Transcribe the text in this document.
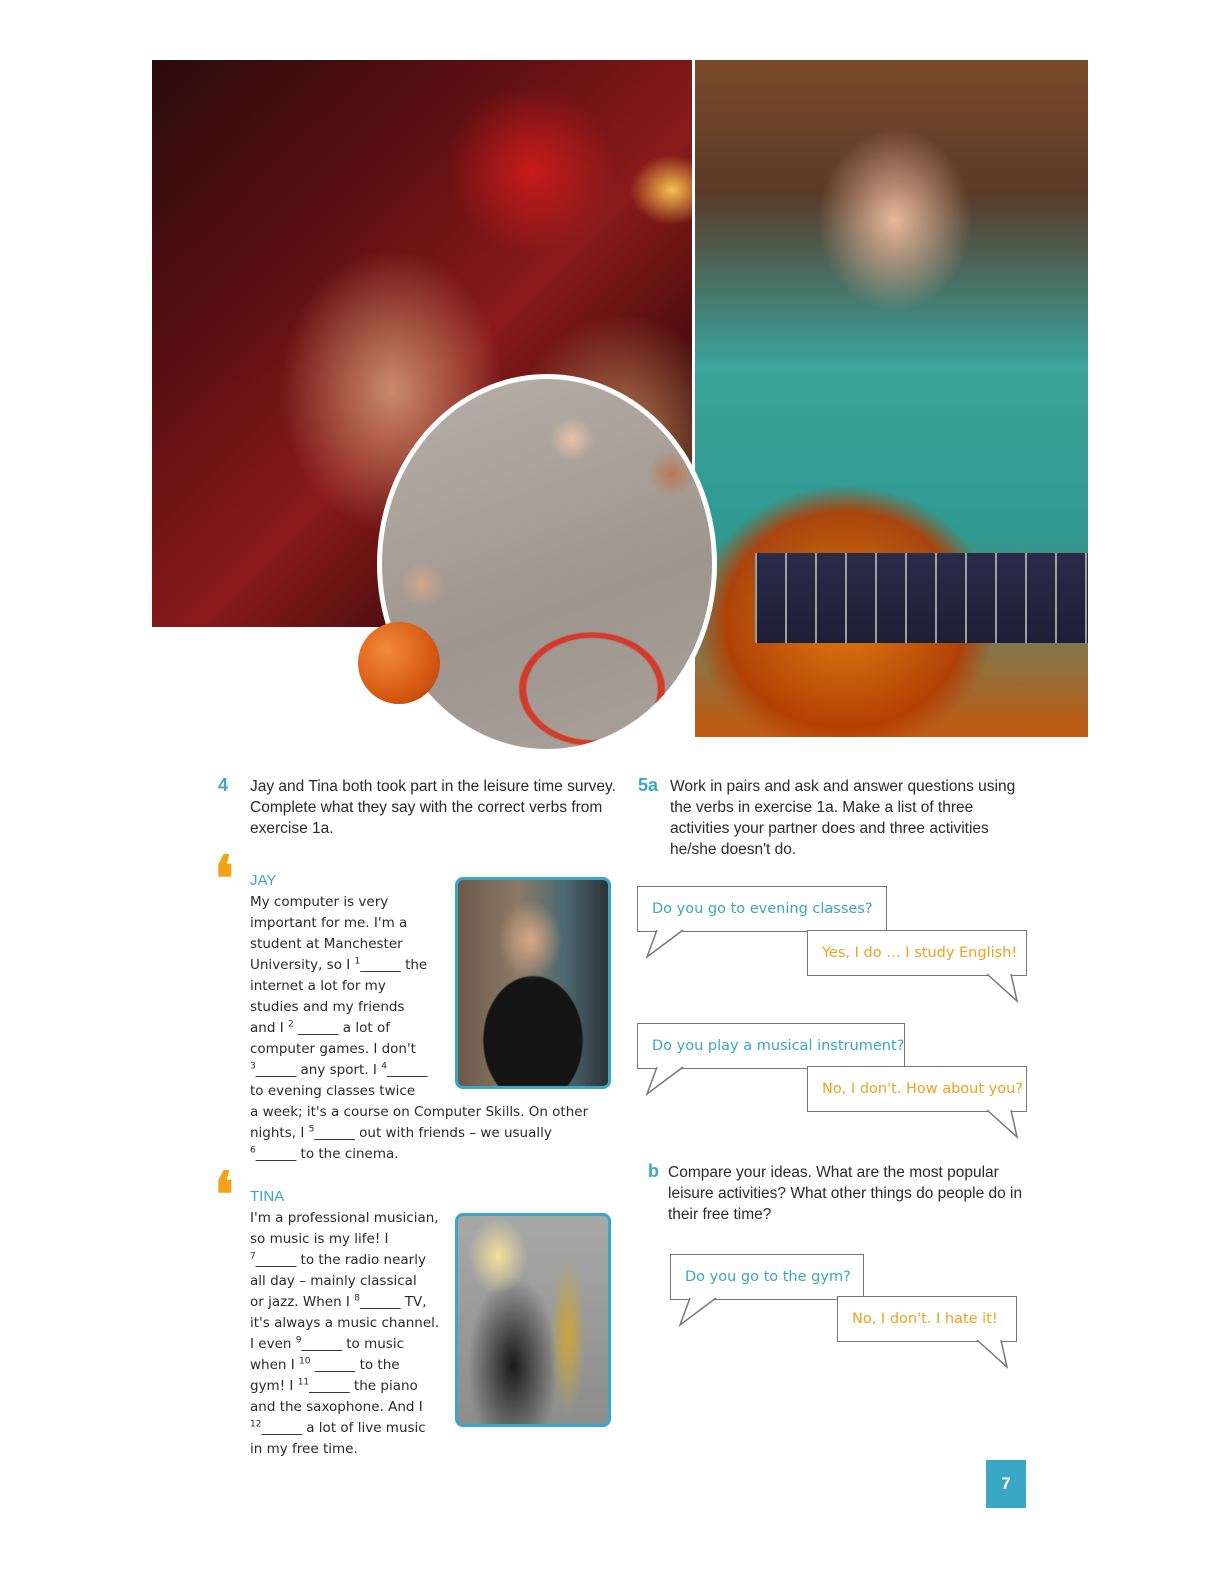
4 Jay and Tina both took part in the leisure time survey.
Complete what they say with the correct verbs from
exercise 1a.
❛ JAY
My computer is very
important for me. I'm a
student at Manchester
University, so I $^1$______ the
internet a lot for my
studies and my friends
and I $^2$ ______ a lot of
computer games. I don't
$^3$______ any sport. I $^4$______
to evening classes twice
a week; it's a course on Computer Skills. On other
nights, I $^5$______ out with friends – we usually
$^6$______ to the cinema.
❛ TINA
I'm a professional musician,
so music is my life! I
$^7$______ to the radio nearly
all day – mainly classical
or jazz. When I $^8$______ TV,
it's always a music channel.
I even $^9$______ to music
when I $^{10}$ ______ to the
gym! I $^{11}$______ the piano
and the saxophone. And I
$^{12}$______ a lot of live music
in my free time.
5a Work in pairs and ask and answer questions using
the verbs in exercise 1a. Make a list of three
activities your partner does and three activities
he/she doesn't do.
Do you go to evening classes?
Yes, I do … I study English!
Do you play a musical instrument?
No, I don't. How about you?
b Compare your ideas. What are the most popular
leisure activities? What other things do people do in
their free time?
Do you go to the gym?
No, I don't. I hate it!
7
